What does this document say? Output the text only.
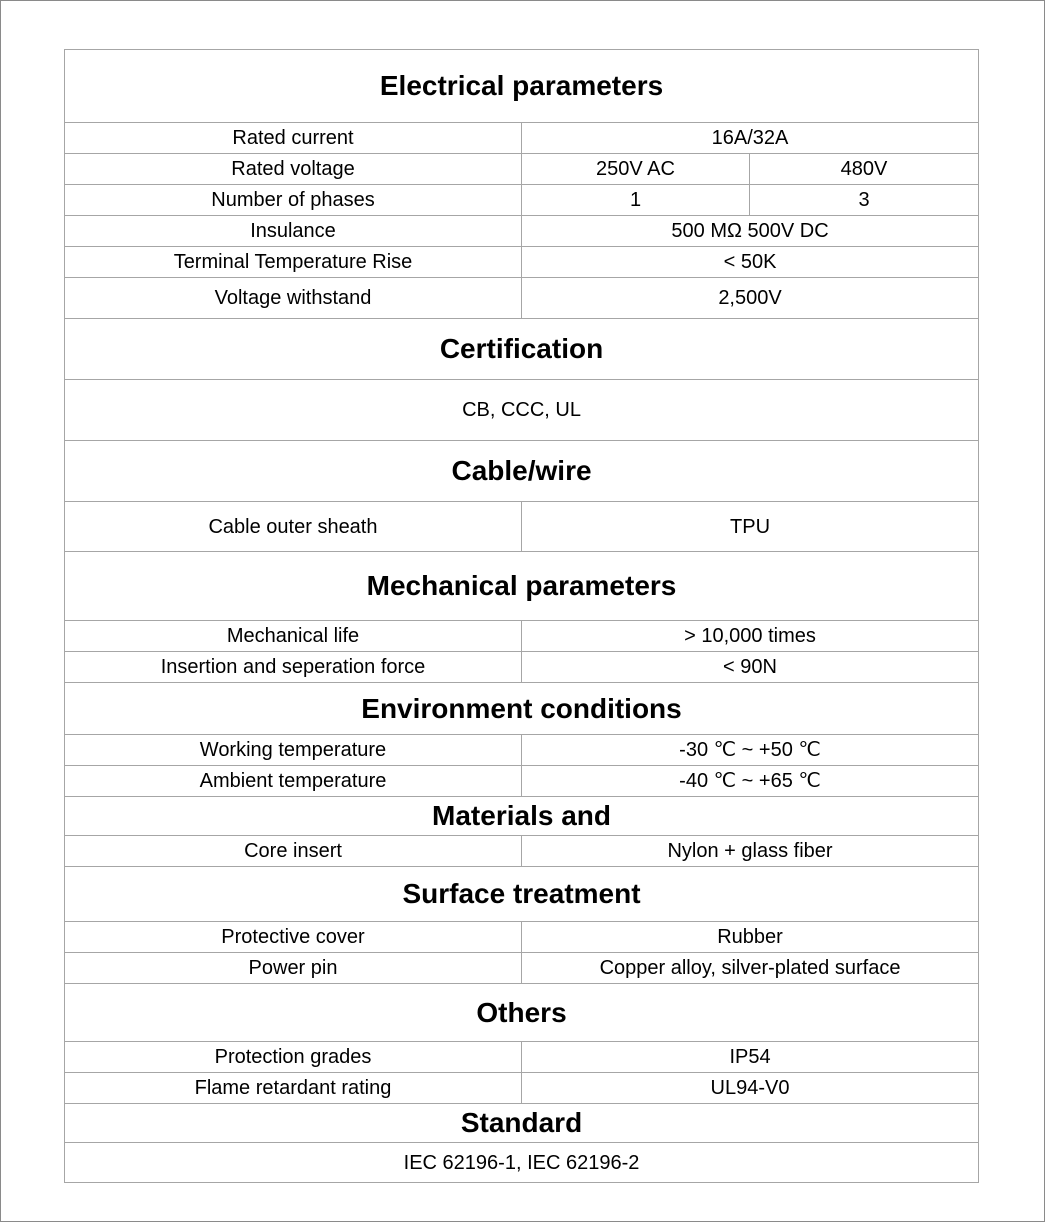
Electrical parameters		
Rated current	16A/32A	
Rated voltage	250V AC	480V
Number of phases	1	3
Insulance	500 MΩ 500V DC	
Terminal Temperature Rise	< 50K	
Voltage withstand	2,500V	
Certification		
CB, CCC, UL		
Cable/wire		
Cable outer sheath	TPU	
Mechanical parameters		
Mechanical life	> 10,000 times	
Insertion and seperation force	< 90N	
Environment conditions		
Working temperature	-30 ℃ ~ +50 ℃	
Ambient temperature	-40 ℃ ~ +65 ℃	
Materials and		
Core insert	Nylon + glass fiber	
Surface treatment		
Protective cover	Rubber	
Power pin	Copper alloy, silver-plated surface	
Others		
Protection grades	IP54	
Flame retardant rating	UL94-V0	
Standard		
IEC 62196-1, IEC 62196-2		
